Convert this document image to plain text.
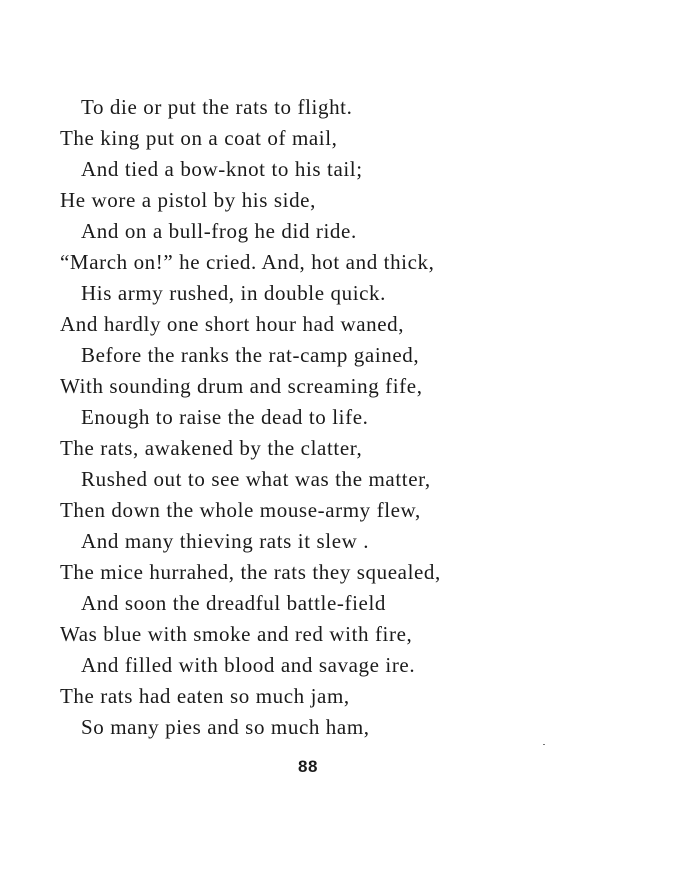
To die or put the rats to flight.
The king put on a coat of mail,
And tied a bow-knot to his tail;
He wore a pistol by his side,
And on a bull-frog he did ride.
“March on!” he cried. And, hot and thick,
His army rushed, in double quick.
And hardly one short hour had waned,
Before the ranks the rat-camp gained,
With sounding drum and screaming fife,
Enough to raise the dead to life.
The rats, awakened by the clatter,
Rushed out to see what was the matter,
Then down the whole mouse-army flew,
And many thieving rats it slew .
The mice hurrahed, the rats they squealed,
And soon the dreadful battle-field
Was blue with smoke and red with fire,
And filled with blood and savage ire.
The rats had eaten so much jam,
So many pies and so much ham,
88
